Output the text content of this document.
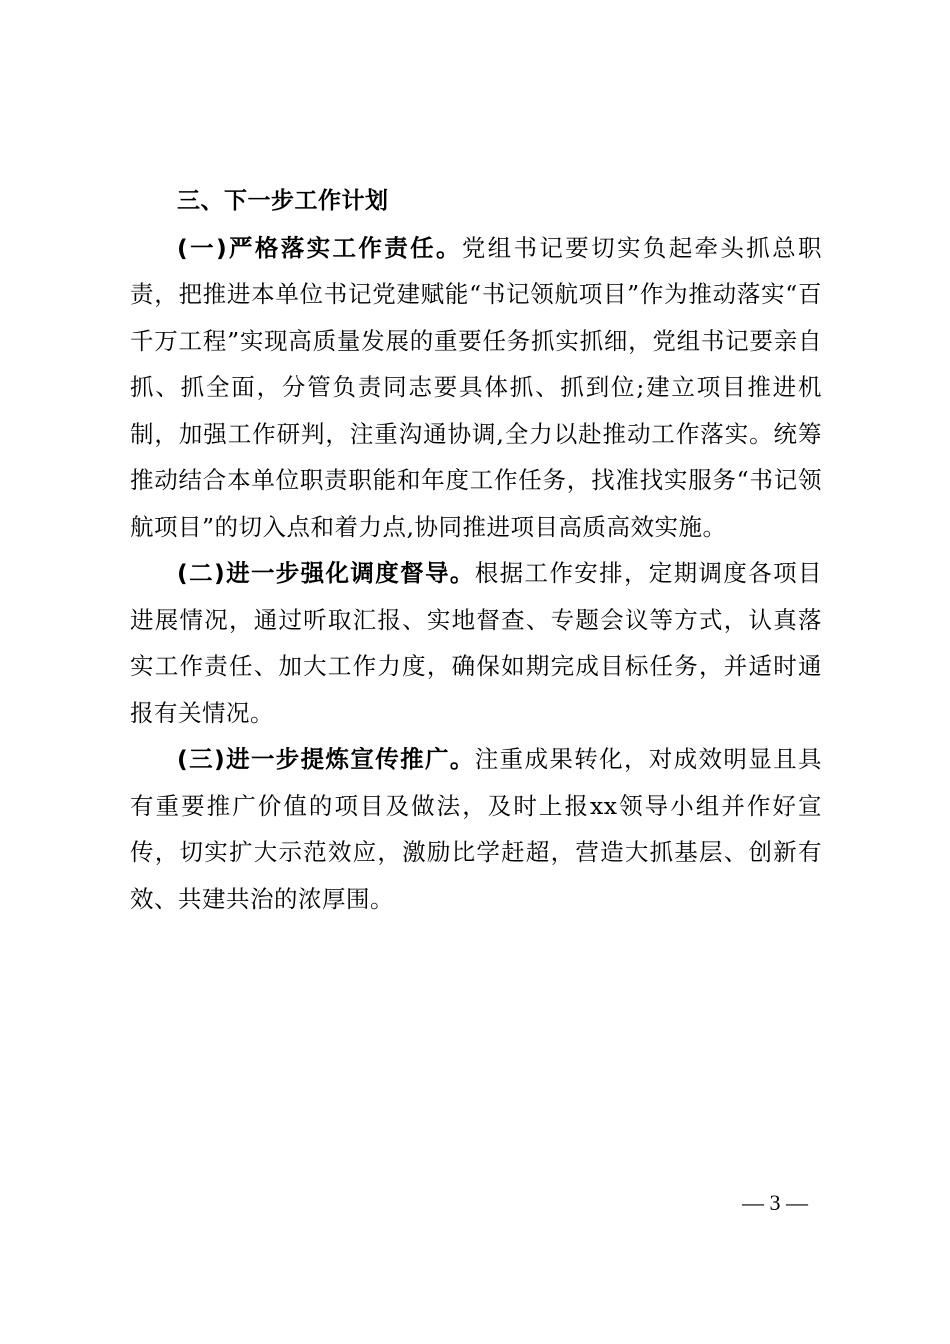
三、下一步工作计划

(一)严格落实工作责任。党组书记要切实负起牵头抓总职责，把推进本单位书记党建赋能“书记领航项目”作为推动落实“百千万工程”实现高质量发展的重要任务抓实抓细，党组书记要亲自抓、抓全面，分管负责同志要具体抓、抓到位;建立项目推进机制，加强工作研判，注重沟通协调,全力以赴推动工作落实。统筹推动结合本单位职责职能和年度工作任务，找准找实服务“书记领航项目”的切入点和着力点,协同推进项目高质高效实施。

(二)进一步强化调度督导。根据工作安排，定期调度各项目进展情况，通过听取汇报、实地督查、专题会议等方式，认真落实工作责任、加大工作力度，确保如期完成目标任务，并适时通报有关情况。

(三)进一步提炼宣传推广。注重成果转化，对成效明显且具有重要推广价值的项目及做法，及时上报xx领导小组并作好宣传，切实扩大示范效应，激励比学赶超，营造大抓基层、创新有效、共建共治的浓厚围。

— 3 —
